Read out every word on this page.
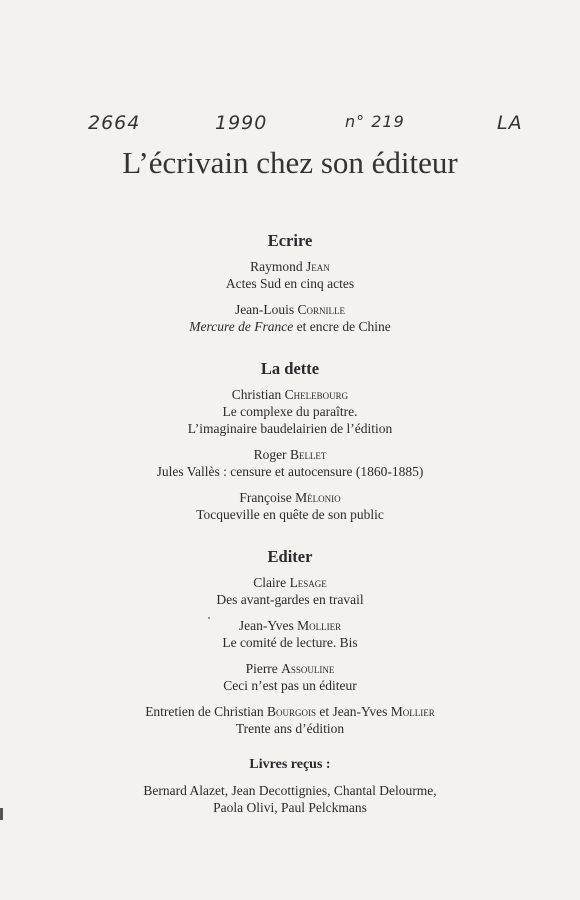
2664	1990	n° 219	LA
L’écrivain chez son éditeur
Ecrire
Raymond Jean
Actes Sud en cinq actes
Jean-Louis Cornille
Mercure de France et encre de Chine
La dette
Christian Chelebourg
Le complexe du paraître.
L’imaginaire baudelairien de l’édition
Roger Bellet
Jules Vallès : censure et autocensure (1860-1885)
Françoise Mélonio
Tocqueville en quête de son public
Editer
Claire Lesage
Des avant-gardes en travail
Jean-Yves Mollier
Le comité de lecture. Bis
Pierre Assouline
Ceci n’est pas un éditeur
Entretien de Christian Bourgois et Jean-Yves Mollier
Trente ans d’édition
Livres reçus :
Bernard Alazet, Jean Decottignies, Chantal Delourme,
Paola Olivi, Paul Pelckmans
